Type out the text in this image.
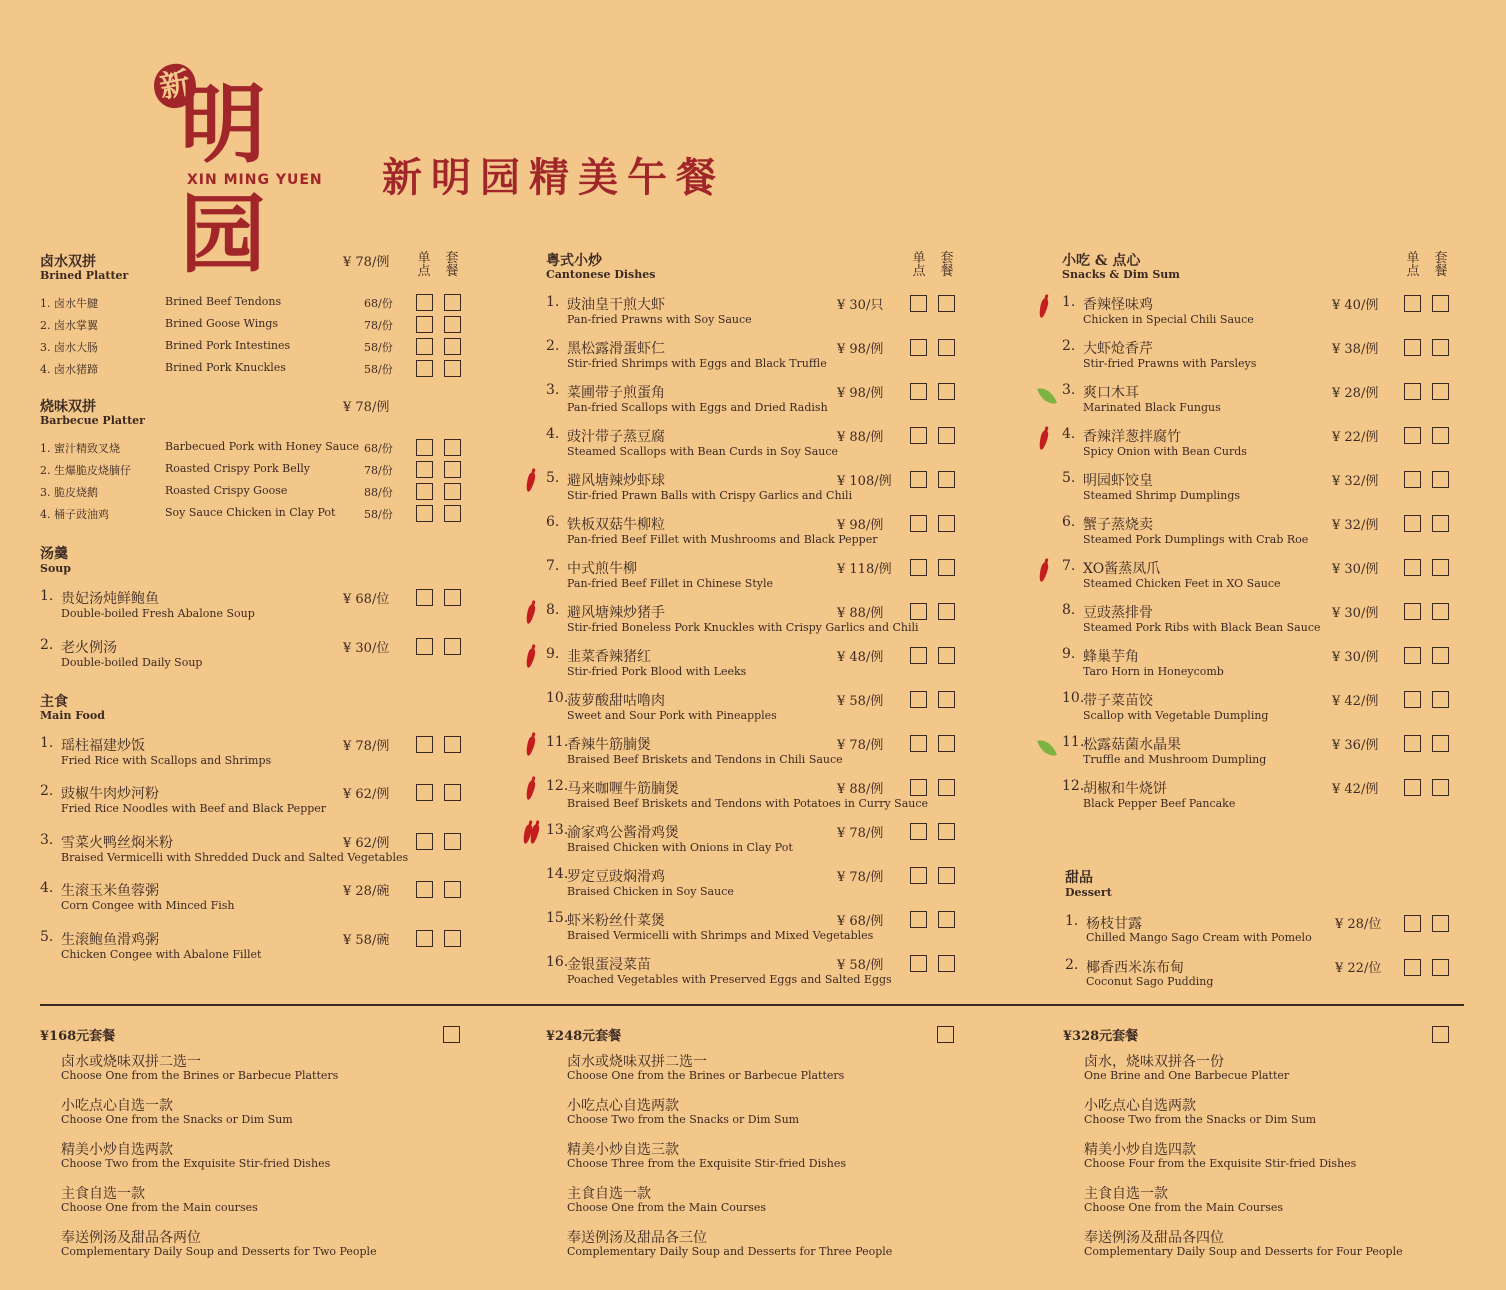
新
明园
XIN MING YUEN 新明园精美午餐
卤水双拼
Brined Platter
¥ 78/例 单点
套餐
1. 卤水牛腱	Brined Beef Tendons	68/份
2. 卤水掌翼	Brined Goose Wings	78/份
3. 卤水大肠	Brined Pork Intestines	58/份
4. 卤水猪蹄	Brined Pork Knuckles	58/份
烧味双拼
Barbecue Platter
¥ 78/例
1. 蜜汁精致叉烧	Barbecued Pork with Honey Sauce 68/份
2. 生爆脆皮烧腩仔	Roasted Crispy Pork Belly	78/份
3. 脆皮烧鹅	Roasted Crispy Goose	88/份
4. 桶子豉油鸡	Soy Sauce Chicken in Clay Pot	58/份
汤羹
Soup
1. 贵妃汤炖鲜鲍鱼
Double-boiled Fresh Abalone Soup
¥ 68/位
2. 老火例汤
Double-boiled Daily Soup
¥ 30/位
主食
Main Food
1. 瑶柱福建炒饭
Fried Rice with Scallops and Shrimps
¥ 78/例
2. 豉椒牛肉炒河粉
Fried Rice Noodles with Beef and Black Pepper
¥ 62/例
3. 雪菜火鸭丝焖米粉
Braised Vermicelli with Shredded Duck and Salted Vegetables
¥ 62/例
4. 生滚玉米鱼蓉粥
Corn Congee with Minced Fish
¥ 28/碗
5. 生滚鲍鱼滑鸡粥
Chicken Congee with Abalone Fillet
¥ 58/碗
粤式小炒
Cantonese Dishes
单点
套餐
1. 豉油皇干煎大虾
Pan-fried Prawns with Soy Sauce
¥ 30/只
2. 黑松露滑蛋虾仁
Stir-fried Shrimps with Eggs and Black Truffle
¥ 98/例
3. 菜圃带子煎蛋角
Pan-fried Scallops with Eggs and Dried Radish
¥ 98/例
4. 豉汁带子蒸豆腐
Steamed Scallops with Bean Curds in Soy Sauce
¥ 88/例
5. 避风塘辣炒虾球
Stir-fried Prawn Balls with Crispy Garlics and Chili
¥ 108/例
6. 铁板双菇牛柳粒
Pan-fried Beef Fillet with Mushrooms and Black Pepper
¥ 98/例
7. 中式煎牛柳
Pan-fried Beef Fillet in Chinese Style
¥ 118/例
8. 避风塘辣炒猪手
Stir-fried Boneless Pork Knuckles with Crispy Garlics and Chili
¥ 88/例
9. 韭菜香辣猪红
Stir-fried Pork Blood with Leeks
¥ 48/例
10.
菠萝酸甜咕噜肉
Sweet and Sour Pork with Pineapples
¥ 58/例
11.
香辣牛筋腩煲
Braised Beef Briskets and Tendons in Chili Sauce
¥ 78/例
12.
马来咖喱牛筋腩煲
Braised Beef Briskets and Tendons with Potatoes in Curry Sauce
¥ 88/例
13.
渝家鸡公酱滑鸡煲
Braised Chicken with Onions in Clay Pot
¥ 78/例
14.
罗定豆豉焖滑鸡
Braised Chicken in Soy Sauce
¥ 78/例
15.
虾米粉丝什菜煲
Braised Vermicelli with Shrimps and Mixed Vegetables
¥ 68/例
16.
金银蛋浸菜苗
Poached Vegetables with Preserved Eggs and Salted Eggs
¥ 58/例
小吃 & 点心
Snacks & Dim Sum
单点
套餐
1. 香辣怪味鸡
Chicken in Special Chili Sauce
¥ 40/例
2. 大虾炝香芹
Stir-fried Prawns with Parsleys
¥ 38/例
3. 爽口木耳
Marinated Black Fungus
¥ 28/例
4. 香辣洋葱拌腐竹
Spicy Onion with Bean Curds
¥ 22/例
5. 明园虾饺皇
Steamed Shrimp Dumplings
¥ 32/例
6. 蟹子蒸烧卖
Steamed Pork Dumplings with Crab Roe
¥ 32/例
7. XO酱蒸凤爪
Steamed Chicken Feet in XO Sauce
¥ 30/例
8. 豆豉蒸排骨
Steamed Pork Ribs with Black Bean Sauce
¥ 30/例
9. 蜂巢芋角
Taro Horn in Honeycomb
¥ 30/例
10.
带子菜苗饺
Scallop with Vegetable Dumpling
¥ 42/例
11.
松露菇菌水晶果
Truffle and Mushroom Dumpling
¥ 36/例
12.
胡椒和牛烧饼
Black Pepper Beef Pancake
¥ 42/例
甜品
Dessert
1. 杨枝甘露
Chilled Mango Sago Cream with Pomelo
¥ 28/位
2. 椰香西米冻布甸
Coconut Sago Pudding
¥ 22/位
¥168元套餐
卤水或烧味双拼二选一
Choose One from the Brines or Barbecue Platters
小吃点心自选一款
Choose One from the Snacks or Dim Sum
精美小炒自选两款
Choose Two from the Exquisite Stir-fried Dishes
主食自选一款
Choose One from the Main courses
奉送例汤及甜品各两位
Complementary Daily Soup and Desserts for Two People
¥248元套餐
卤水或烧味双拼二选一
Choose One from the Brines or Barbecue Platters
小吃点心自选两款
Choose Two from the Snacks or Dim Sum
精美小炒自选三款
Choose Three from the Exquisite Stir-fried Dishes
主食自选一款
Choose One from the Main Courses
奉送例汤及甜品各三位
Complementary Daily Soup and Desserts for Three People
¥328元套餐
卤水，烧味双拼各一份
One Brine and One Barbecue Platter
小吃点心自选两款
Choose Two from the Snacks or Dim Sum
精美小炒自选四款
Choose Four from the Exquisite Stir-fried Dishes
主食自选一款
Choose One from the Main Courses
奉送例汤及甜品各四位
Complementary Daily Soup and Desserts for Four People
